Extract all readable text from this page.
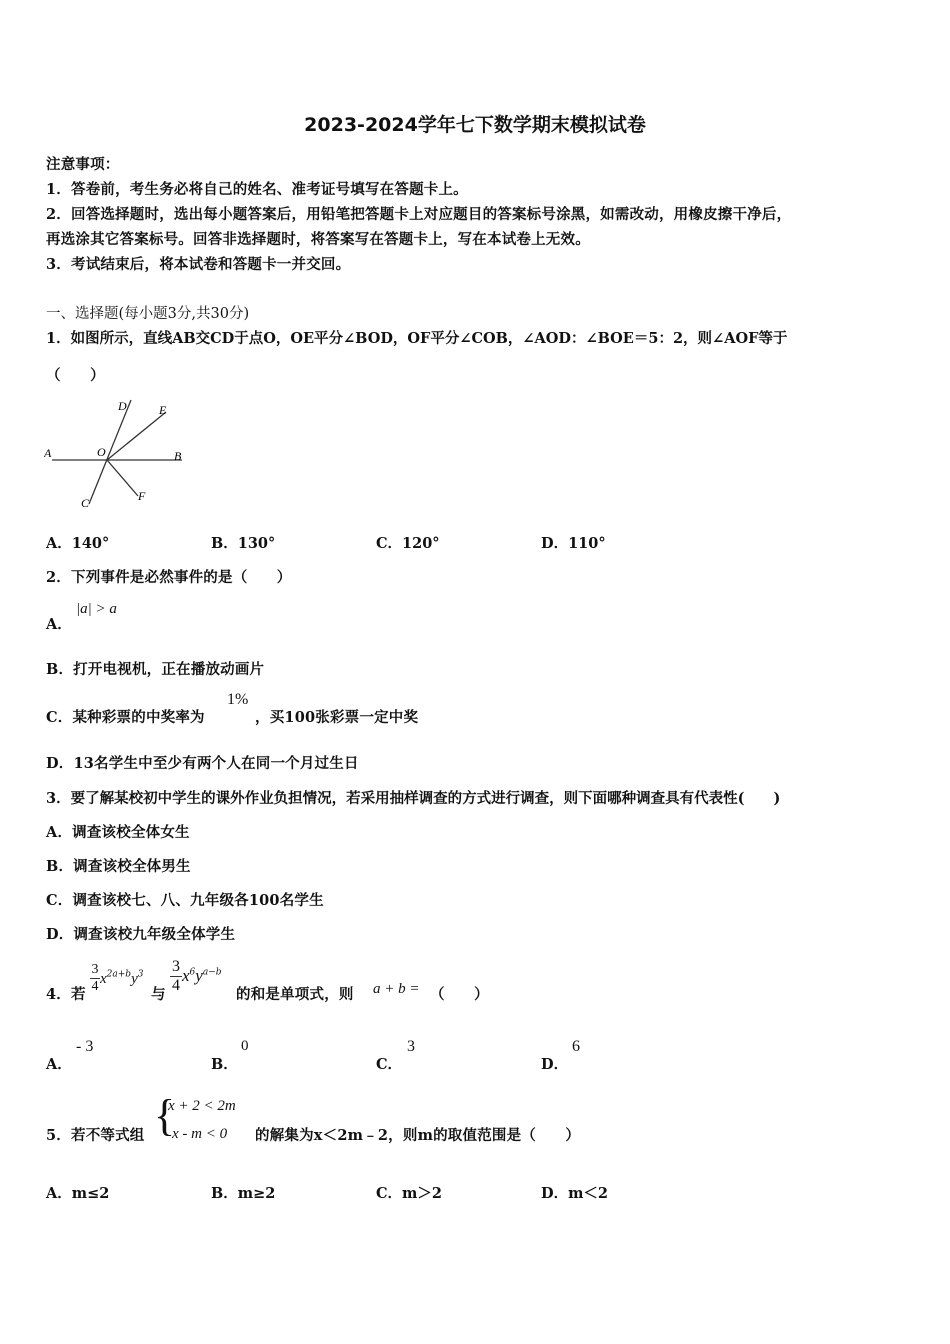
2023-2024学年七下数学期末模拟试卷
注意事项：
1．答卷前，考生务必将自己的姓名、准考证号填写在答题卡上。
2．回答选择题时，选出每小题答案后，用铅笔把答题卡上对应题目的答案标号涂黑，如需改动，用橡皮擦干净后，
再选涂其它答案标号。回答非选择题时，将答案写在答题卡上，写在本试卷上无效。
3．考试结束后，将本试卷和答题卡一并交回。
一、选择题(每小题3分,共30分)
1．如图所示，直线AB交CD于点O，OE平分∠BOD，OF平分∠COB，∠AOD：∠BOE＝5：2，则∠AOF等于
（　　）
A	B
C
D	E
F
O
A．140°	B．130°	C．120°	D．110°
2．下列事件是必然事件的是（　　）
A．
|a| > a
B．打开电视机，正在播放动画片
C．某种彩票的中奖率为
1%
，买100张彩票一定中奖
D．13名学生中至少有两个人在同一个月过生日
3．要了解某校初中学生的课外作业负担情况，若采用抽样调查的方式进行调查，则下面哪种调查具有代表性(　　)
A．调查该校全体女生
B．调查该校全体男生
C．调查该校七、八、九年级各100名学生
D．调查该校九年级全体学生
4．若 $\frac{3}{4} x^{2a+b}y^3$
与 $\frac{3}{4} x^6y^{a-b}$
的和是单项式，则 a + b = （　　）
A．
- 3
B．
0
C．
3
D．
6
5．若不等式组 {
x + 2 < 2m
x - m < 0 的解集为x＜2m﹣2，则m的取值范围是（　　）
A．m≤2	B．m≥2	C．m＞2	D．m＜2
